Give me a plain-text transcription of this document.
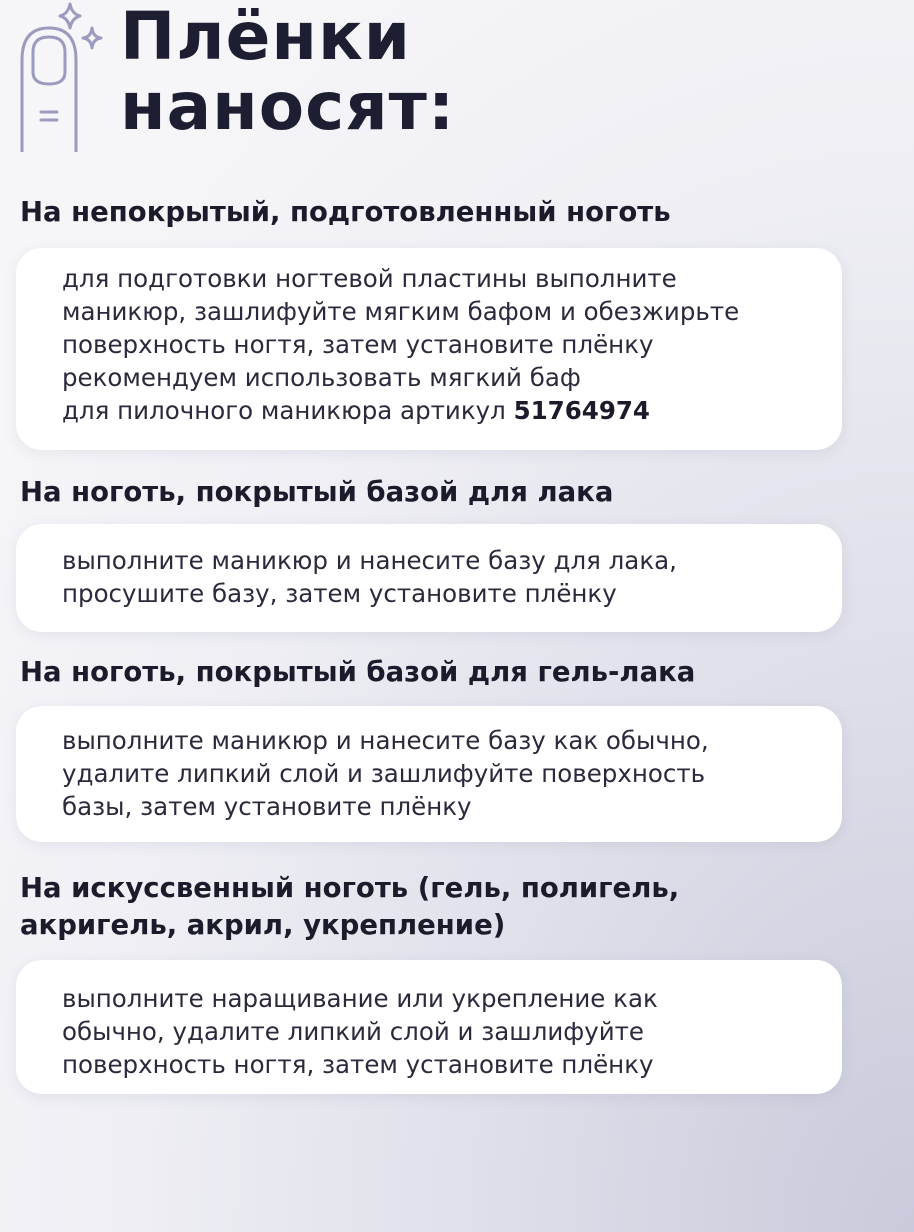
Плёнки
наносят:
На непокрытый, подготовленный ноготь
для подготовки ногтевой пластины выполните
маникюр, зашлифуйте мягким бафом и обезжирьте
поверхность ногтя, затем установите плёнку
рекомендуем использовать мягкий баф
для пилочного маникюра артикул 51764974
На ноготь, покрытый базой для лака
выполните маникюр и нанесите базу для лака,
просушите базу, затем установите плёнку
На ноготь, покрытый базой для гель-лака
выполните маникюр и нанесите базу как обычно,
удалите липкий слой и зашлифуйте поверхность
базы, затем установите плёнку
На искуссвенный ноготь (гель, полигель,
акригель, акрил, укрепление)
выполните наращивание или укрепление как
обычно, удалите липкий слой и зашлифуйте
поверхность ногтя, затем установите плёнку
